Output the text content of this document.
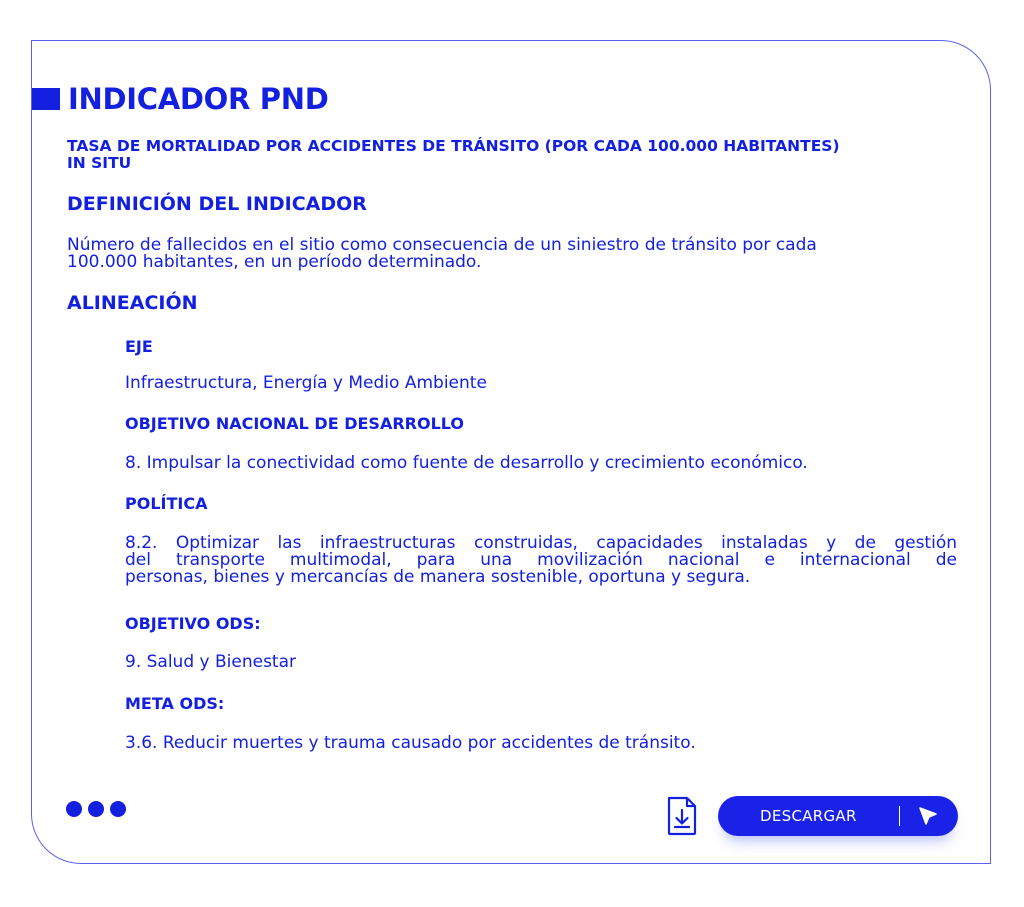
INDICADOR PND
TASA DE MORTALIDAD POR ACCIDENTES DE TRÁNSITO (POR CADA 100.000 HABITANTES)
IN SITU
DEFINICIÓN DEL INDICADOR
Número de fallecidos en el sitio como consecuencia de un siniestro de tránsito por cada
100.000 habitantes, en un período determinado.
ALINEACIÓN
EJE
Infraestructura, Energía y Medio Ambiente
OBJETIVO NACIONAL DE DESARROLLO
8. Impulsar la conectividad como fuente de desarrollo y crecimiento económico.
POLÍTICA
8.2. Optimizar las infraestructuras construidas, capacidades instaladas y de gestión
del transporte multimodal, para una movilización nacional e internacional de
personas, bienes y mercancías de manera sostenible, oportuna y segura.
OBJETIVO ODS:
9. Salud y Bienestar
META ODS:
3.6. Reducir muertes y trauma causado por accidentes de tránsito.
DESCARGAR
